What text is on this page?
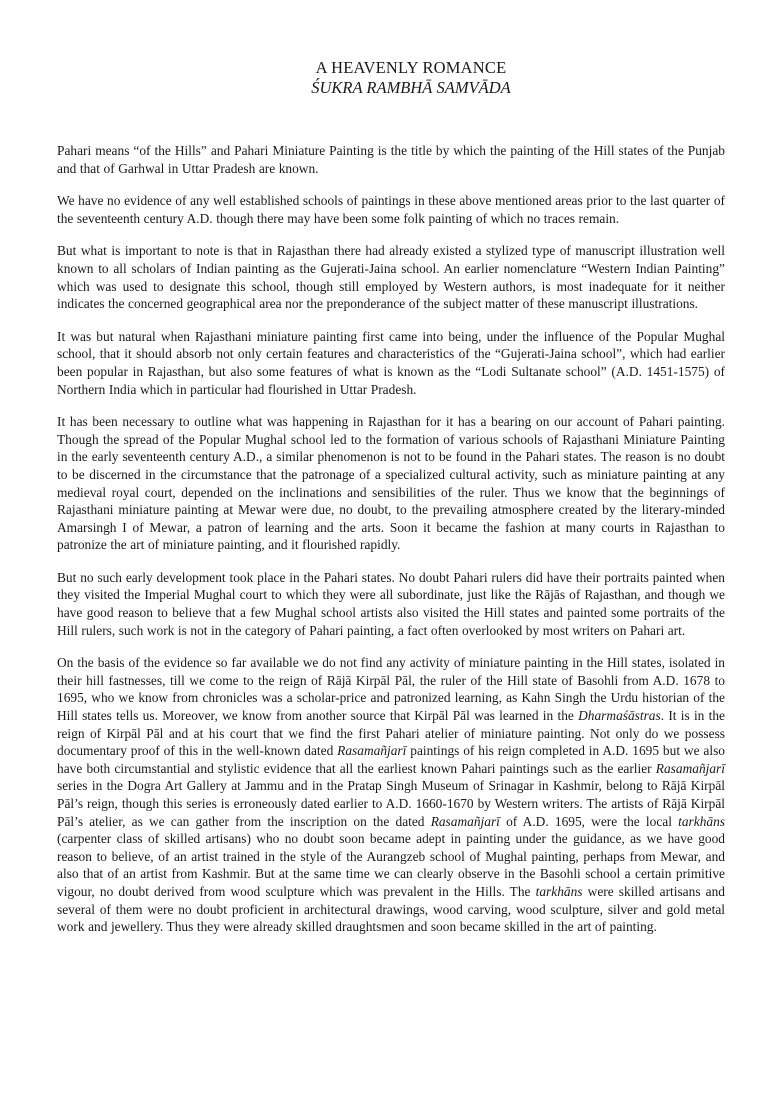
A HEAVENLY ROMANCE

ŚUKRA RAMBHĀ SAMVĀDA

Pahari means “of the Hills” and Pahari Miniature Painting is the title by which the painting of the Hill states of the Punjab and that of Garhwal in Uttar Pradesh are known.

We have no evidence of any well established schools of paintings in these above mentioned areas prior to the last quarter of the seventeenth century A.D. though there may have been some folk painting of which no traces remain.

But what is important to note is that in Rajasthan there had already existed a stylized type of manuscript illustration well known to all scholars of Indian painting as the Gujerati-Jaina school. An earlier nomenclature “Western Indian Painting” which was used to designate this school, though still employed by Western authors, is most inadequate for it neither indicates the concerned geographical area nor the preponderance of the subject matter of these manuscript illustrations.

It was but natural when Rajasthani miniature painting first came into being, under the influence of the Popular Mughal school, that it should absorb not only certain features and characteristics of the “Gujerati-Jaina school”, which had earlier been popular in Rajasthan, but also some features of what is known as the “Lodi Sultanate school” (A.D. 1451-1575) of Northern India which in particular had flourished in Uttar Pradesh.

It has been necessary to outline what was happening in Rajasthan for it has a bearing on our account of Pahari painting. Though the spread of the Popular Mughal school led to the formation of various schools of Rajasthani Miniature Painting in the early seventeenth century A.D., a similar phenomenon is not to be found in the Pahari states. The reason is no doubt to be discerned in the circumstance that the patronage of a specialized cultural activity, such as miniature painting at any medieval royal court, depended on the inclinations and sensibilities of the ruler. Thus we know that the beginnings of Rajasthani miniature painting at Mewar were due, no doubt, to the prevailing atmosphere created by the literary-minded Amarsingh I of Mewar, a patron of learning and the arts. Soon it became the fashion at many courts in Rajasthan to patronize the art of miniature painting, and it flourished rapidly.

But no such early development took place in the Pahari states. No doubt Pahari rulers did have their portraits painted when they visited the Imperial Mughal court to which they were all subordinate, just like the Rājās of Rajasthan, and though we have good reason to believe that a few Mughal school artists also visited the Hill states and painted some portraits of the Hill rulers, such work is not in the category of Pahari painting, a fact often overlooked by most writers on Pahari art.

On the basis of the evidence so far available we do not find any activity of miniature painting in the Hill states, isolated in their hill fastnesses, till we come to the reign of Rājā Kirpāl Pāl, the ruler of the Hill state of Basohli from A.D. 1678 to 1695, who we know from chronicles was a scholar-price and patronized learning, as Kahn Singh the Urdu historian of the Hill states tells us. Moreover, we know from another source that Kirpāl Pāl was learned in the Dharmaśāstras. It is in the reign of Kirpāl Pāl and at his court that we find the first Pahari atelier of miniature painting. Not only do we possess documentary proof of this in the well-known dated Rasamañjarī paintings of his reign completed in A.D. 1695 but we also have both circumstantial and stylistic evidence that all the earliest known Pahari paintings such as the earlier Rasamañjarī series in the Dogra Art Gallery at Jammu and in the Pratap Singh Museum of Srinagar in Kashmir, belong to Rājā Kirpāl Pāl’s reign, though this series is erroneously dated earlier to A.D. 1660-1670 by Western writers. The artists of Rājā Kirpāl Pāl’s atelier, as we can gather from the inscription on the dated Rasamañjarī of A.D. 1695, were the local tarkhāns (carpenter class of skilled artisans) who no doubt soon became adept in painting under the guidance, as we have good reason to believe, of an artist trained in the style of the Aurangzeb school of Mughal painting, perhaps from Mewar, and also that of an artist from Kashmir. But at the same time we can clearly observe in the Basohli school a certain primitive vigour, no doubt derived from wood sculpture which was prevalent in the Hills. The tarkhāns were skilled artisans and several of them were no doubt proficient in architectural drawings, wood carving, wood sculpture, silver and gold metal work and jewellery. Thus they were already skilled draughtsmen and soon became skilled in the art of painting.
